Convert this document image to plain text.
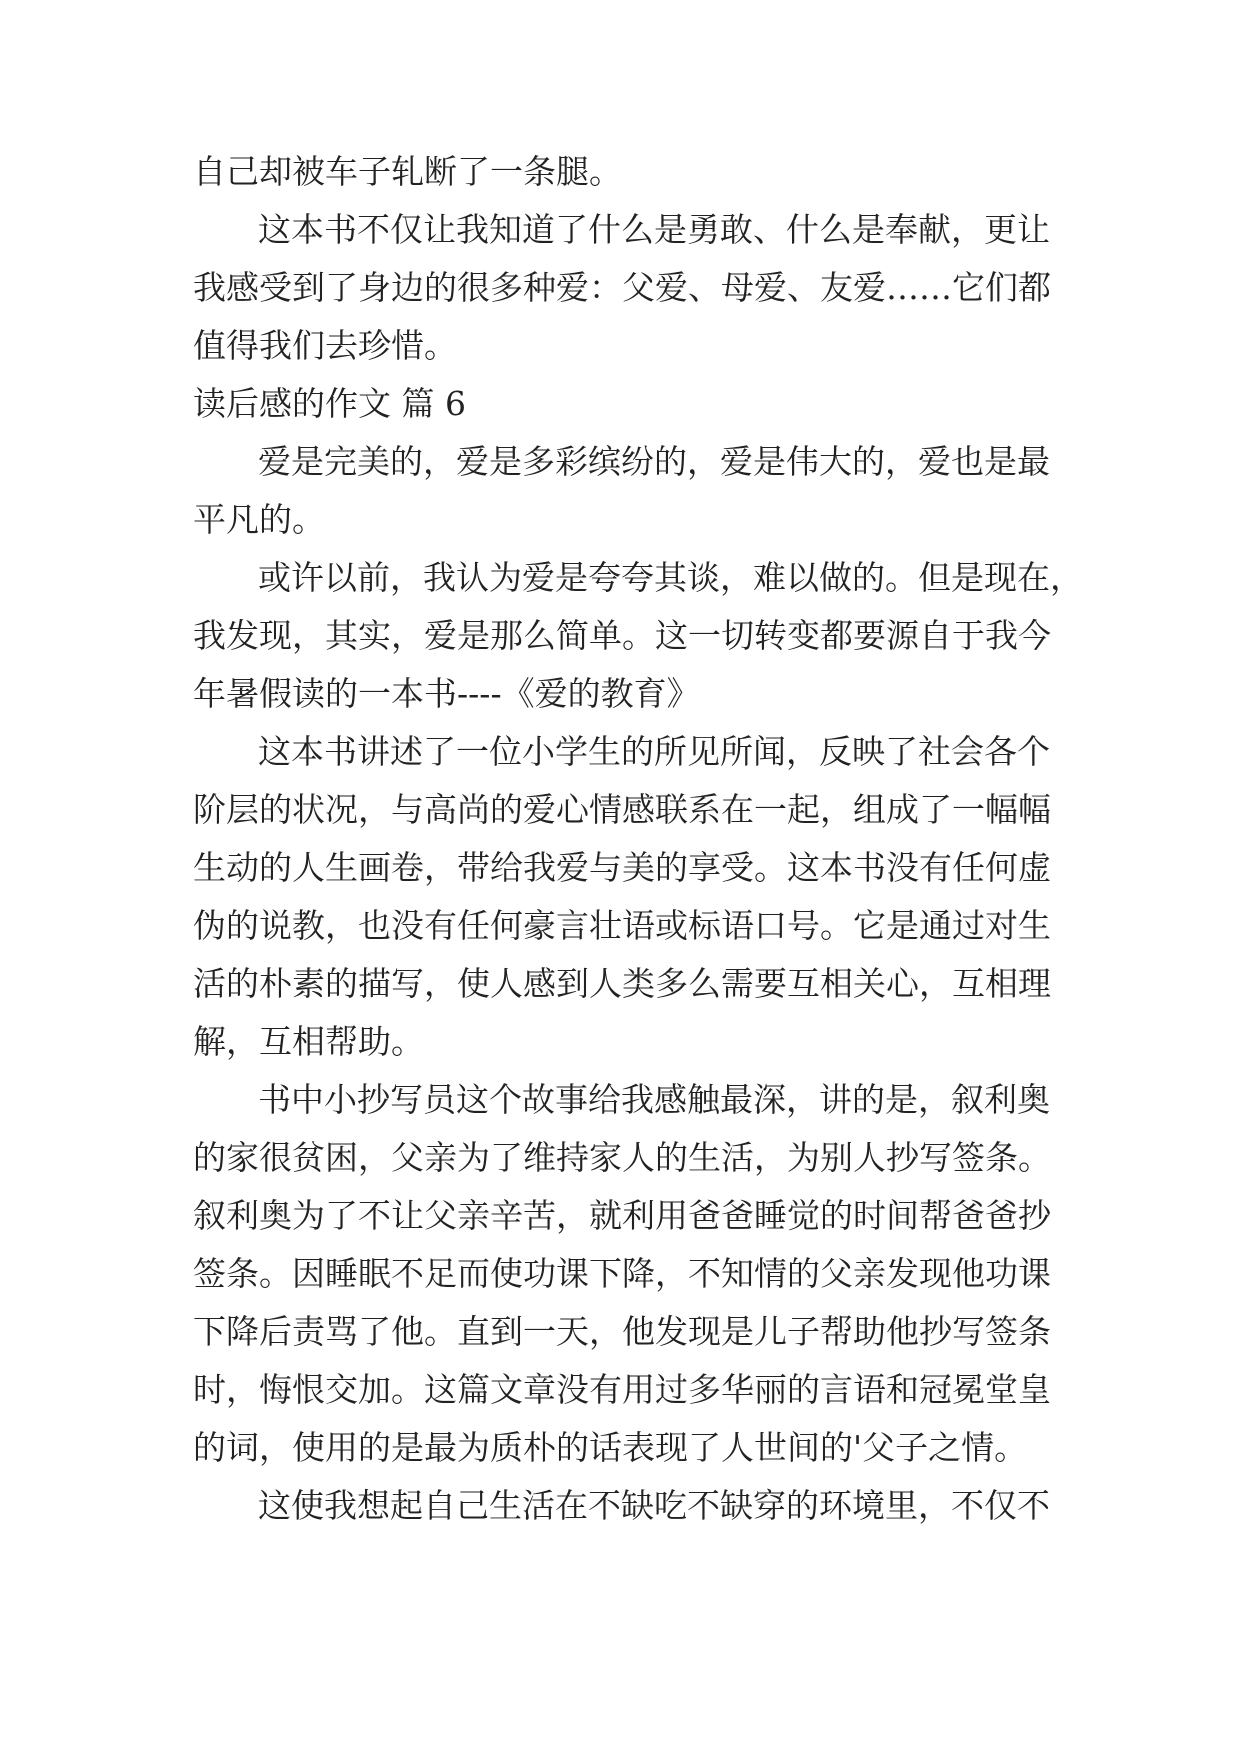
自己却被车子轧断了一条腿。
这本书不仅让我知道了什么是勇敢、什么是奉献，更让
我感受到了身边的很多种爱：父爱、母爱、友爱……它们都
值得我们去珍惜。
读后感的作文 篇 6
爱是完美的，爱是多彩缤纷的，爱是伟大的，爱也是最
平凡的。
或许以前，我认为爱是夸夸其谈，难以做的。但是现在，
我发现，其实，爱是那么简单。这一切转变都要源自于我今
年暑假读的一本书----《爱的教育》
这本书讲述了一位小学生的所见所闻，反映了社会各个
阶层的状况，与高尚的爱心情感联系在一起，组成了一幅幅
生动的人生画卷，带给我爱与美的享受。这本书没有任何虚
伪的说教，也没有任何豪言壮语或标语口号。它是通过对生
活的朴素的描写，使人感到人类多么需要互相关心，互相理
解，互相帮助。
书中小抄写员这个故事给我感触最深，讲的是，叙利奥
的家很贫困，父亲为了维持家人的生活，为别人抄写签条。
叙利奥为了不让父亲辛苦，就利用爸爸睡觉的时间帮爸爸抄
签条。因睡眠不足而使功课下降，不知情的父亲发现他功课
下降后责骂了他。直到一天，他发现是儿子帮助他抄写签条
时，悔恨交加。这篇文章没有用过多华丽的言语和冠冕堂皇
的词，使用的是最为质朴的话表现了人世间的'父子之情。
这使我想起自己生活在不缺吃不缺穿的环境里，不仅不
